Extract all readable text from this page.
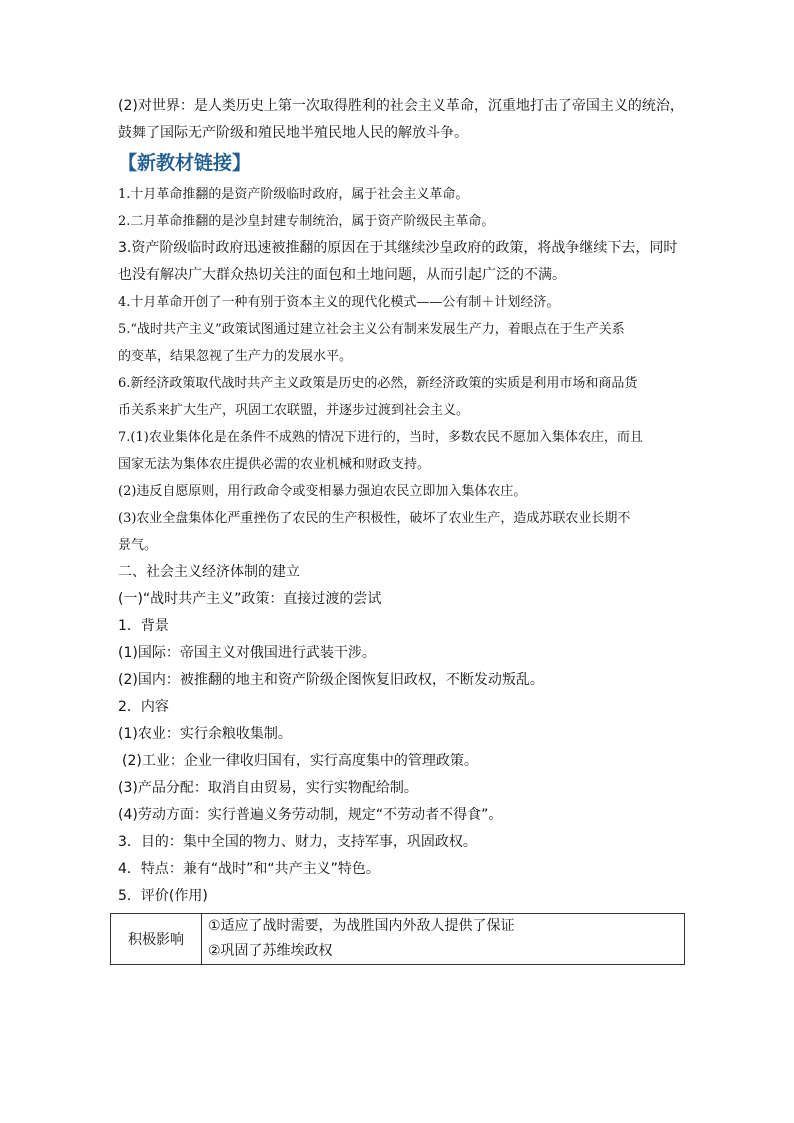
(2)对世界：是人类历史上第一次取得胜利的社会主义革命，沉重地打击了帝国主义的统治，
鼓舞了国际无产阶级和殖民地半殖民地人民的解放斗争。
【新教材链接】
1.十月革命推翻的是资产阶级临时政府，属于社会主义革命。
2.二月革命推翻的是沙皇封建专制统治，属于资产阶级民主革命。
3.资产阶级临时政府迅速被推翻的原因在于其继续沙皇政府的政策，将战争继续下去，同时
也没有解决广大群众热切关注的面包和土地问题，从而引起广泛的不满。
4.十月革命开创了一种有别于资本主义的现代化模式——公有制＋计划经济。
5.“战时共产主义”政策试图通过建立社会主义公有制来发展生产力，着眼点在于生产关系
的变革，结果忽视了生产力的发展水平。
6.新经济政策取代战时共产主义政策是历史的必然，新经济政策的实质是利用市场和商品货
币关系来扩大生产，巩固工农联盟，并逐步过渡到社会主义。
7.(1)农业集体化是在条件不成熟的情况下进行的，当时，多数农民不愿加入集体农庄，而且
国家无法为集体农庄提供必需的农业机械和财政支持。
(2)违反自愿原则，用行政命令或变相暴力强迫农民立即加入集体农庄。
(3)农业全盘集体化严重挫伤了农民的生产积极性，破坏了农业生产，造成苏联农业长期不
景气。
二、社会主义经济体制的建立
(一)“战时共产主义”政策：直接过渡的尝试
1．背景
(1)国际：帝国主义对俄国进行武装干涉。
(2)国内：被推翻的地主和资产阶级企图恢复旧政权，不断发动叛乱。
2．内容
(1)农业：实行余粮收集制。
(2)工业：企业一律收归国有，实行高度集中的管理政策。
(3)产品分配：取消自由贸易，实行实物配给制。
(4)劳动方面：实行普遍义务劳动制，规定“不劳动者不得食”。
3．目的：集中全国的物力、财力，支持军事，巩固政权。
4．特点：兼有“战时”和“共产主义”特色。
5．评价(作用)
积极影响	
①适应了战时需要，为战胜国内外敌人提供了保证
②巩固了苏维埃政权
